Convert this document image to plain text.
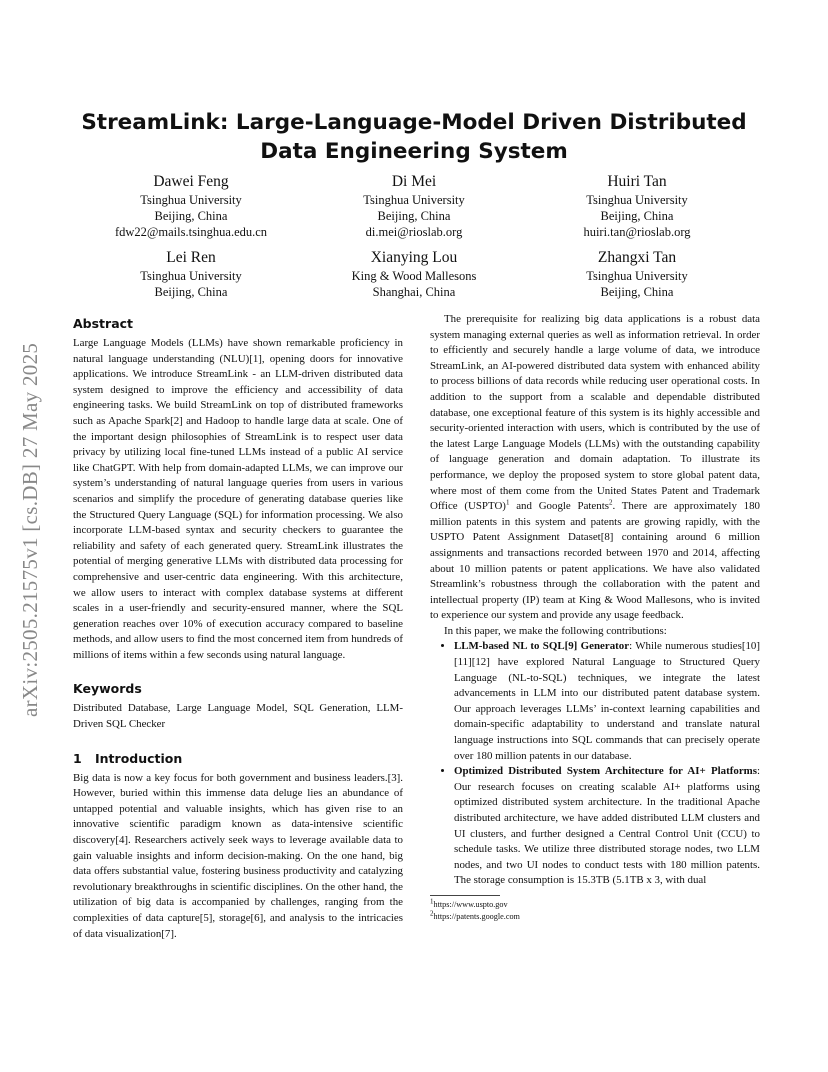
arXiv:2505.21575v1 [cs.DB] 27 May 2025
StreamLink: Large-Language-Model Driven Distributed Data Engineering System
Dawei Feng
Tsinghua University
Beijing, China
fdw22@mails.tsinghua.edu.cn
Di Mei
Tsinghua University
Beijing, China
di.mei@rioslab.org
Huiri Tan
Tsinghua University
Beijing, China
huiri.tan@rioslab.org
Lei Ren
Tsinghua University
Beijing, China
Xianying Lou
King & Wood Mallesons
Shanghai, China
Zhangxi Tan
Tsinghua University
Beijing, China
Abstract

Large Language Models (LLMs) have shown remarkable proficiency in natural language understanding (NLU)[1], opening doors for innovative applications. We introduce StreamLink - an LLM-driven distributed data system designed to improve the efficiency and accessibility of data engineering tasks. We build StreamLink on top of distributed frameworks such as Apache Spark[2] and Hadoop to handle large data at scale. One of the important design philosophies of StreamLink is to respect user data privacy by utilizing local fine-tuned LLMs instead of a public AI service like ChatGPT. With help from domain-adapted LLMs, we can improve our system’s understanding of natural language queries from users in various scenarios and simplify the procedure of generating database queries like the Structured Query Language (SQL) for information processing. We also incorporate LLM-based syntax and security checkers to guarantee the reliability and safety of each generated query. StreamLink illustrates the potential of merging generative LLMs with distributed data processing for comprehensive and user-centric data engineering. With this architecture, we allow users to interact with complex database systems at different scales in a user-friendly and security-ensured manner, where the SQL generation reaches over 10% of execution accuracy compared to baseline methods, and allow users to find the most concerned item from hundreds of millions of items within a few seconds using natural language.

Keywords

Distributed Database, Large Language Model, SQL Generation, LLM-Driven SQL Checker

1 Introduction

Big data is now a key focus for both government and business leaders.[3]. However, buried within this immense data deluge lies an abundance of untapped potential and valuable insights, which has given rise to an innovative scientific paradigm known as data-intensive scientific discovery[4]. Researchers actively seek ways to leverage available data to gain valuable insights and inform decision-making. On the one hand, big data offers substantial value, fostering business productivity and catalyzing revolutionary breakthroughs in scientific disciplines. On the other hand, the utilization of big data is accompanied by challenges, ranging from the complexities of data capture[5], storage[6], and analysis to the intricacies of data visualization[7].

The prerequisite for realizing big data applications is a robust data system managing external queries as well as information retrieval. In order to efficiently and securely handle a large volume of data, we introduce StreamLink, an AI-powered distributed data system with enhanced ability to process billions of data records while reducing user operational costs. In addition to the support from a scalable and dependable distributed database, one exceptional feature of this system is its highly accessible and security-oriented interaction with users, which is contributed by the use of the latest Large Language Models (LLMs) with the outstanding capability of language generation and domain adaptation. To illustrate its performance, we deploy the proposed system to store global patent data, where most of them come from the United States Patent and Trademark Office (USPTO)$^1$ and Google Patents$^2$. There are approximately 180 million patents in this system and patents are growing rapidly, with the USPTO Patent Assignment Dataset[8] containing around 6 million assignments and transactions recorded between 1970 and 2014, affecting about 10 million patents or patent applications. We have also validated Streamlink’s robustness through the collaboration with the patent and intellectual property (IP) team at King & Wood Mallesons, who is invited to experience our system and provide any usage feedback.

In this paper, we make the following contributions:

• LLM-based NL to SQL[9] Generator: While numerous studies[10][11][12] have explored Natural Language to Structured Query Language (NL-to-SQL) techniques, we integrate the latest advancements in LLM into our distributed patent database system. Our approach leverages LLMs’ in-context learning capabilities and domain-specific adaptability to understand and translate natural language instructions into SQL commands that can precisely operate over 180 million patents in our database.
• Optimized Distributed System Architecture for AI+ Platforms: Our research focuses on creating scalable AI+ platforms using optimized distributed system architecture. In the traditional Apache distributed architecture, we have added distributed LLM clusters and UI clusters, and further designed a Central Control Unit (CCU) to schedule tasks. We utilize three distributed storage nodes, two LLM nodes, and two UI nodes to conduct tests with 180 million patents. The storage consumption is 15.3TB (5.1TB x 3, with dual
$^1$https://www.uspto.gov
$^2$https://patents.google.com
